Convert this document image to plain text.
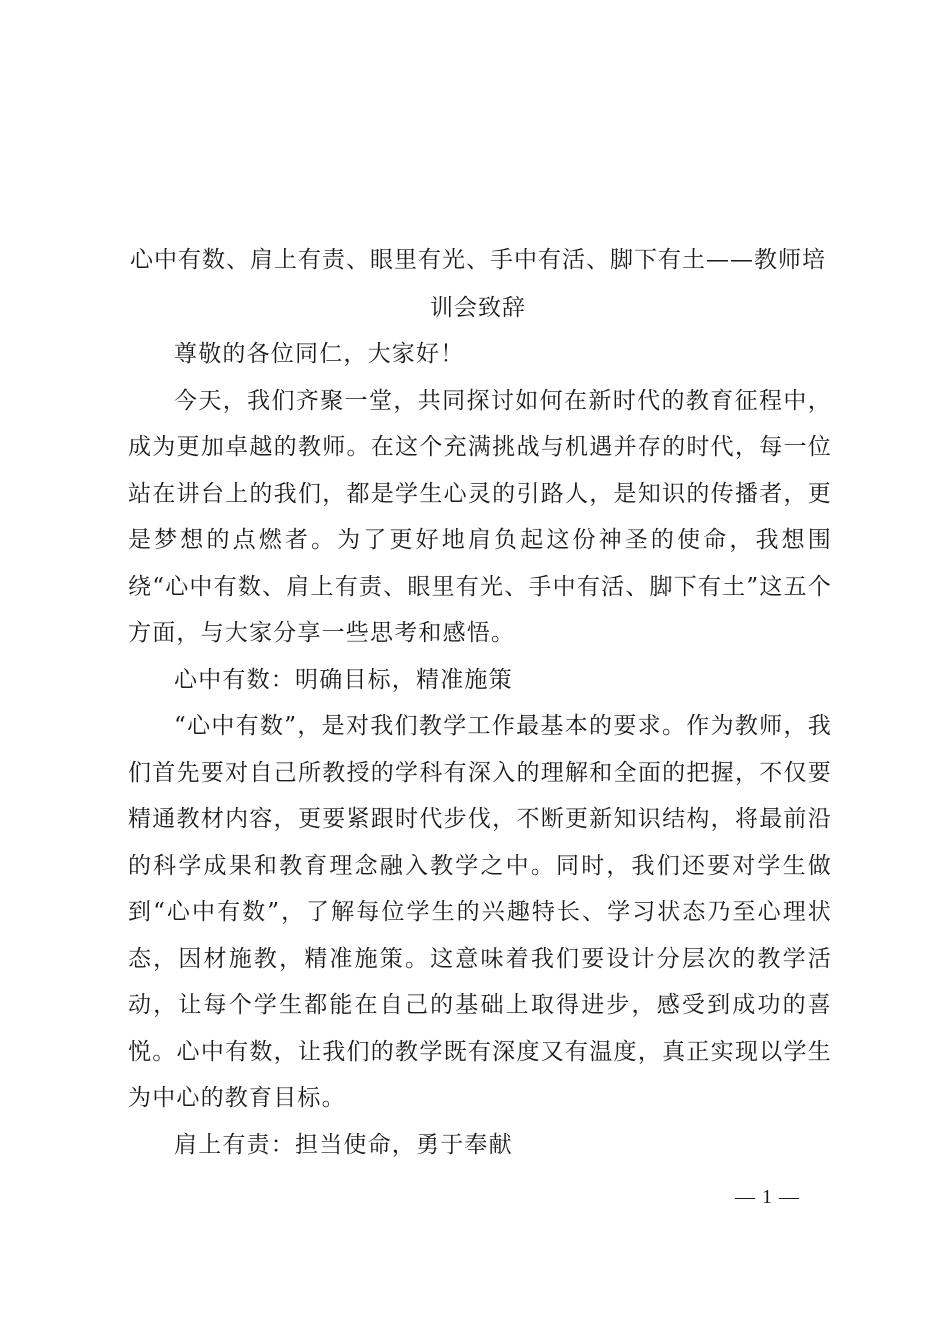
心中有数、肩上有责、眼里有光、手中有活、脚下有土——教师培训会致辞

尊敬的各位同仁，大家好！

今天，我们齐聚一堂，共同探讨如何在新时代的教育征程中，成为更加卓越的教师。在这个充满挑战与机遇并存的时代，每一位站在讲台上的我们，都是学生心灵的引路人，是知识的传播者，更是梦想的点燃者。为了更好地肩负起这份神圣的使命，我想围绕“心中有数、肩上有责、眼里有光、手中有活、脚下有土”这五个方面，与大家分享一些思考和感悟。

心中有数：明确目标，精准施策

“心中有数”，是对我们教学工作最基本的要求。作为教师，我们首先要对自己所教授的学科有深入的理解和全面的把握，不仅要精通教材内容，更要紧跟时代步伐，不断更新知识结构，将最前沿的科学成果和教育理念融入教学之中。同时，我们还要对学生做到“心中有数”，了解每位学生的兴趣特长、学习状态乃至心理状态，因材施教，精准施策。这意味着我们要设计分层次的教学活动，让每个学生都能在自己的基础上取得进步，感受到成功的喜悦。心中有数，让我们的教学既有深度又有温度，真正实现以学生为中心的教育目标。

肩上有责：担当使命，勇于奉献

— 1 —
